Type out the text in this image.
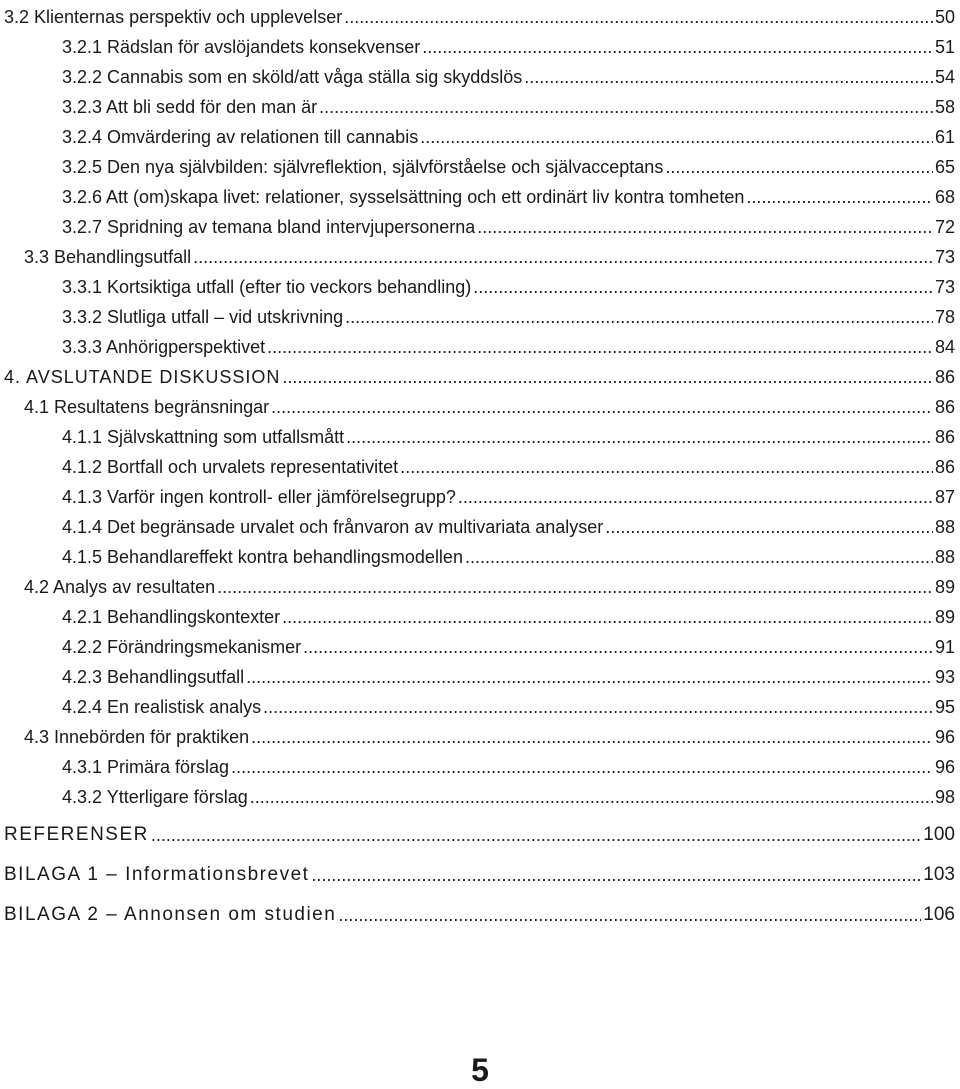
3.2 Klienternas perspektiv och upplevelser .....	50
3.2.1 Rädslan för avslöjandets konsekvenser .....	51
3.2.2 Cannabis som en sköld/att våga ställa sig skyddslös .....	54
3.2.3 Att bli sedd för den man är .....	58
3.2.4 Omvärdering av relationen till cannabis .....	61
3.2.5 Den nya självbilden: självreflektion, självförståelse och självacceptans .....	65
3.2.6 Att (om)skapa livet: relationer, sysselsättning och ett ordinärt liv kontra tomheten .....	68
3.2.7 Spridning av temana bland intervjupersonerna .....	72
3.3 Behandlingsutfall .....	73
3.3.1 Kortsiktiga utfall (efter tio veckors behandling) .....	73
3.3.2 Slutliga utfall – vid utskrivning .....	78
3.3.3 Anhörigperspektivet .....	84
4. AVSLUTANDE DISKUSSION .....	86
4.1 Resultatens begränsningar .....	86
4.1.1 Självskattning som utfallsmått .....	86
4.1.2 Bortfall och urvalets representativitet .....	86
4.1.3 Varför ingen kontroll- eller jämförelsegrupp? .....	87
4.1.4 Det begränsade urvalet och frånvaron av multivariata analyser .....	88
4.1.5 Behandlareffekt kontra behandlingsmodellen .....	88
4.2 Analys av resultaten .....	89
4.2.1 Behandlingskontexter .....	89
4.2.2 Förändringsmekanismer .....	91
4.2.3 Behandlingsutfall .....	93
4.2.4 En realistisk analys .....	95
4.3 Innebörden för praktiken .....	96
4.3.1 Primära förslag .....	96
4.3.2 Ytterligare förslag .....	98
REFERENSER .....	100
BILAGA 1 – Informationsbrevet .....	103
BILAGA 2 – Annonsen om studien .....	106
5
